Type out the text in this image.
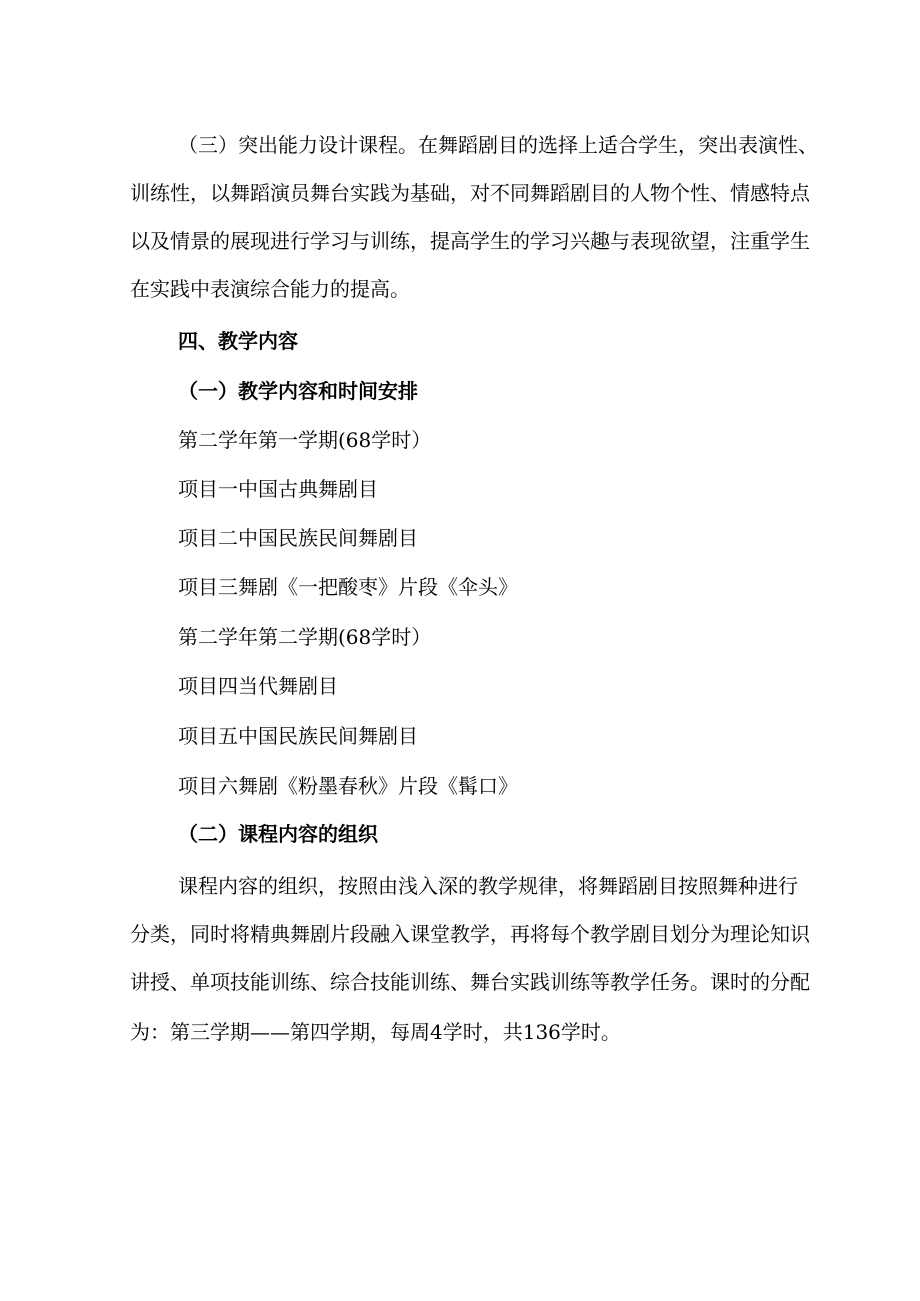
（三）突出能力设计课程。在舞蹈剧目的选择上适合学生，突出表演性、
训练性，以舞蹈演员舞台实践为基础，对不同舞蹈剧目的人物个性、情感特点
以及情景的展现进行学习与训练，提高学生的学习兴趣与表现欲望，注重学生
在实践中表演综合能力的提高。
四、教学内容
（一）教学内容和时间安排
第二学年第一学期(68学时）
项目一中国古典舞剧目
项目二中国民族民间舞剧目
项目三舞剧《一把酸枣》片段《伞头》
第二学年第二学期(68学时）
项目四当代舞剧目
项目五中国民族民间舞剧目
项目六舞剧《粉墨春秋》片段《髯口》
（二）课程内容的组织
课程内容的组织，按照由浅入深的教学规律，将舞蹈剧目按照舞种进行
分类，同时将精典舞剧片段融入课堂教学，再将每个教学剧目划分为理论知识
讲授、单项技能训练、综合技能训练、舞台实践训练等教学任务。课时的分配
为：第三学期——第四学期，每周4学时，共136学时。
